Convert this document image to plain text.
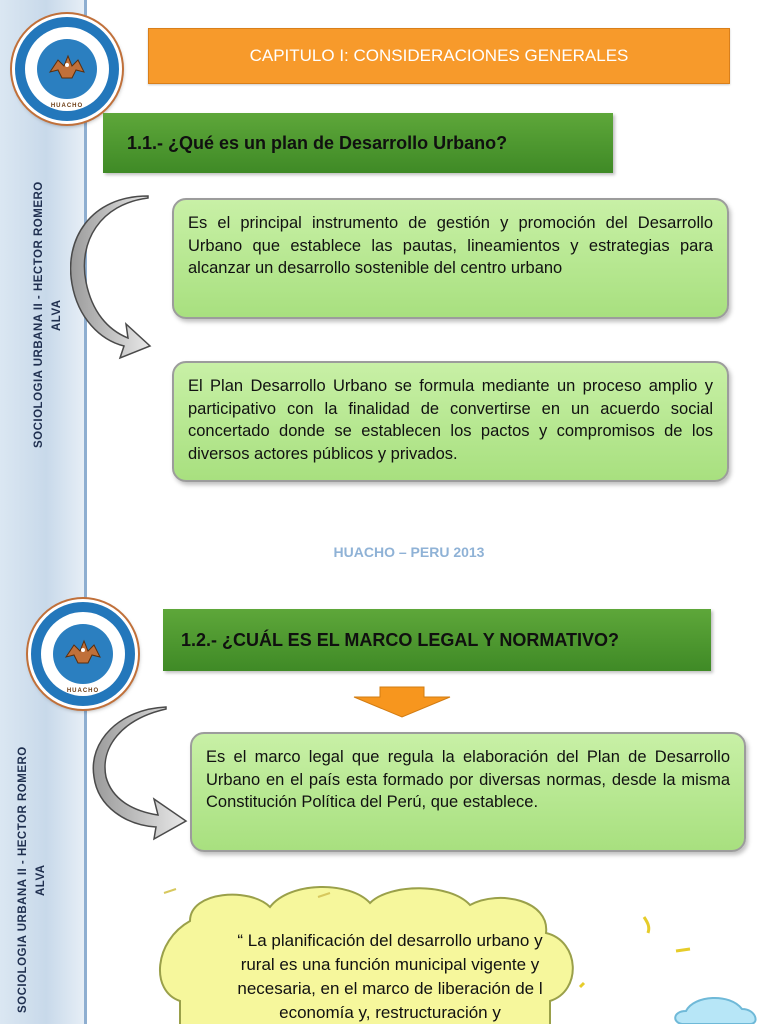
SOCIOLOGIA URBANA II - HECTOR ROMERO ALVA
HUACHO
CAPITULO I: CONSIDERACIONES GENERALES
1.1.- ¿Qué es un plan de Desarrollo Urbano?
Es el principal instrumento de gestión y promoción del Desarrollo Urbano que establece las pautas, lineamientos y estrategias para alcanzar un desarrollo sostenible del centro urbano
El Plan Desarrollo Urbano se formula mediante un proceso amplio y participativo con la finalidad de convertirse en un acuerdo social concertado donde se establecen los pactos y compromisos de los diversos actores públicos y privados.
HUACHO – PERU 2013
SOCIOLOGIA URBANA II - HECTOR ROMERO ALVA
HUACHO
1.2.- ¿CUÁL ES EL MARCO LEGAL Y NORMATIVO?
Es el marco legal que regula la elaboración del Plan de Desarrollo Urbano en el país esta formado por diversas normas, desde la misma Constitución Política del Perú, que establece.
“ La planificación del desarrollo urbano y
rural es una función municipal vigente y
necesaria, en el marco de liberación de l
economía y, restructuración y
